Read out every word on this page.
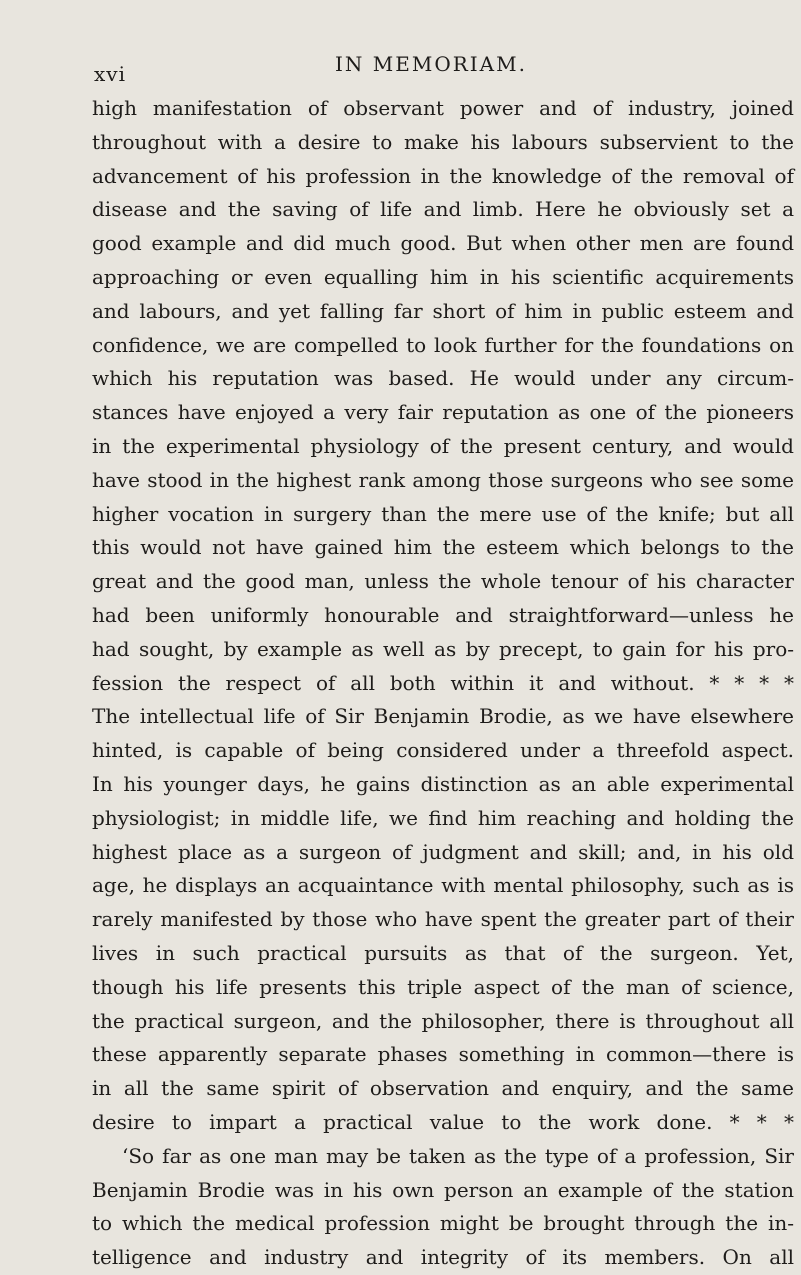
xvi	IN MEMORIAM.
high manifestation of observant power and of industry, joined
throughout with a desire to make his labours subservient to the
advancement of his profession in the knowledge of the removal of
disease and the saving of life and limb. Here he obviously set a
good example and did much good. But when other men are found
approaching or even equalling him in his scientific acquirements
and labours, and yet falling far short of him in public esteem and
confidence, we are compelled to look further for the foundations on
which his reputation was based. He would under any circum-
stances have enjoyed a very fair reputation as one of the pioneers
in the experimental physiology of the present century, and would
have stood in the highest rank among those surgeons who see some
higher vocation in surgery than the mere use of the knife; but all
this would not have gained him the esteem which belongs to the
great and the good man, unless the whole tenour of his character
had been uniformly honourable and straightforward—unless he
had sought, by example as well as by precept, to gain for his pro-
fession the respect of all both within it and without. * * * *
The intellectual life of Sir Benjamin Brodie, as we have elsewhere
hinted, is capable of being considered under a threefold aspect.
In his younger days, he gains distinction as an able experimental
physiologist; in middle life, we find him reaching and holding the
highest place as a surgeon of judgment and skill; and, in his old
age, he displays an acquaintance with mental philosophy, such as is
rarely manifested by those who have spent the greater part of their
lives in such practical pursuits as that of the surgeon. Yet,
though his life presents this triple aspect of the man of science,
the practical surgeon, and the philosopher, there is throughout all
these apparently separate phases something in common—there is
in all the same spirit of observation and enquiry, and the same
desire to impart a practical value to the work done. * * *
‘So far as one man may be taken as the type of a profession, Sir
Benjamin Brodie was in his own person an example of the station
to which the medical profession might be brought through the in-
telligence and industry and integrity of its members. On all
